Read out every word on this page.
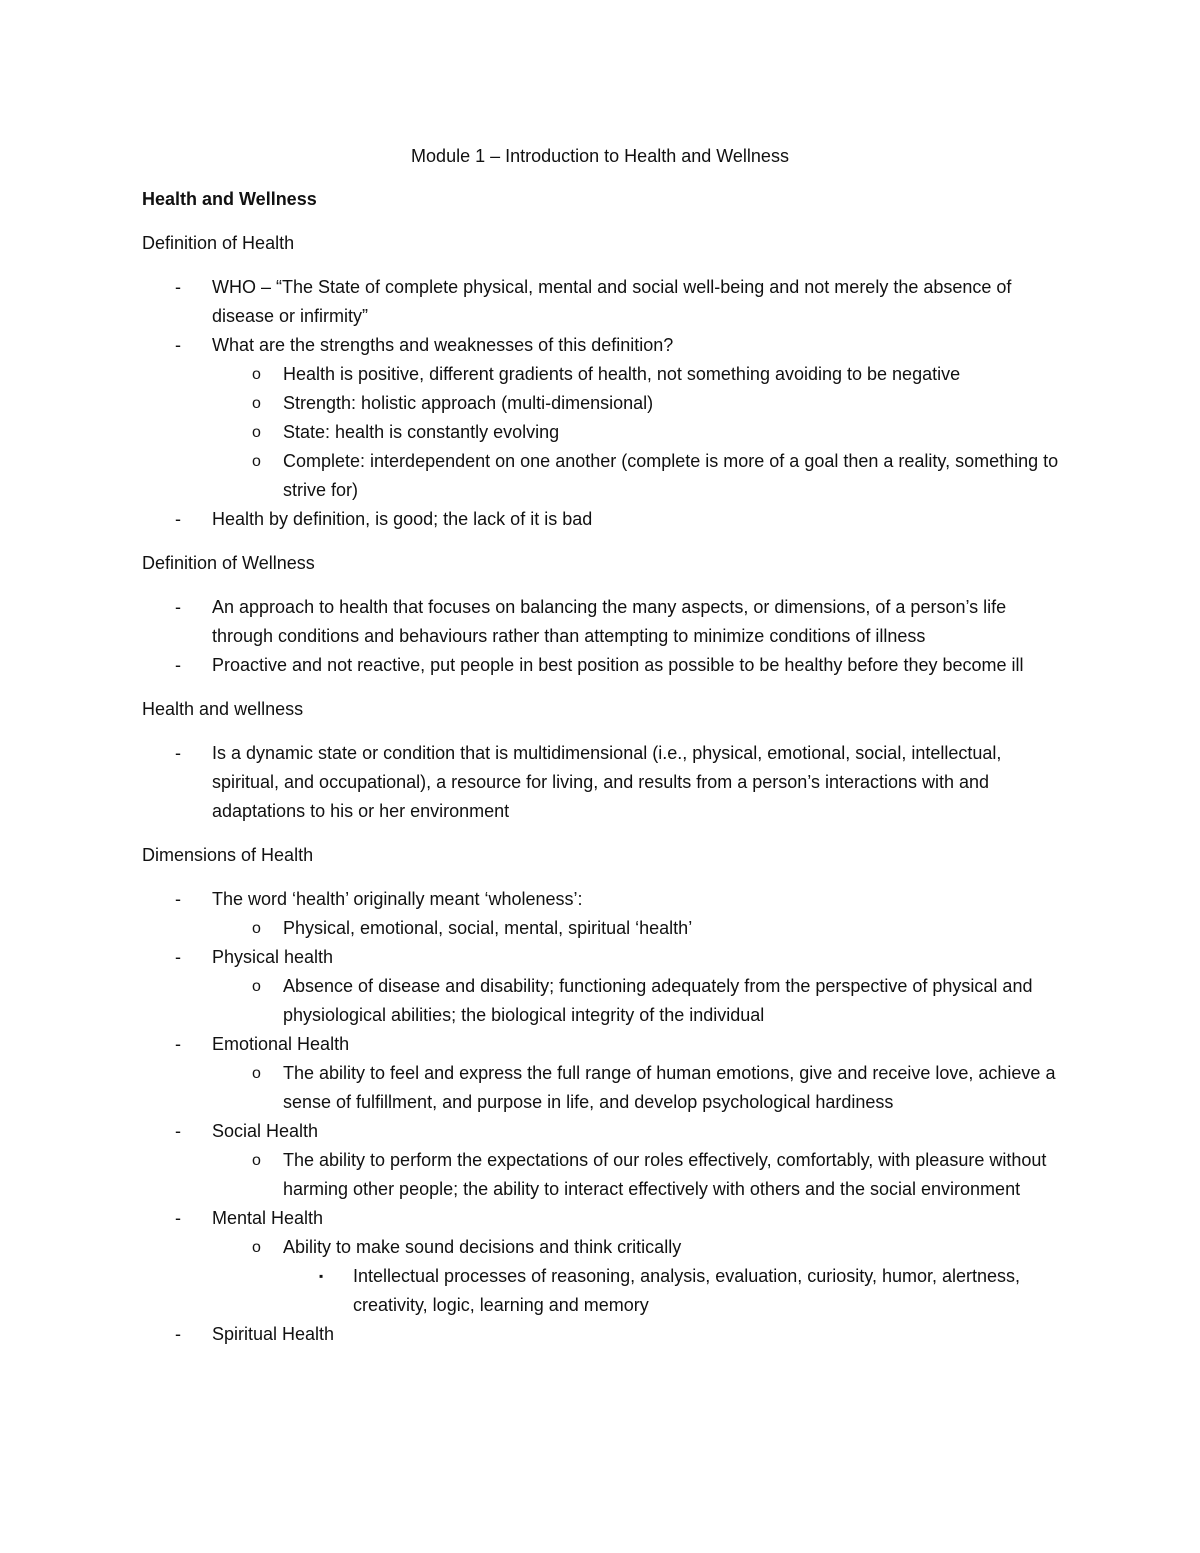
Module 1 – Introduction to Health and Wellness
Health and Wellness
Definition of Health
- WHO – “The State of complete physical, mental and social well-being and not merely the absence of disease or infirmity”
- What are the strengths and weaknesses of this definition?
o Health is positive, different gradients of health, not something avoiding to be negative
o Strength: holistic approach (multi-dimensional)
o State: health is constantly evolving
o Complete: interdependent on one another (complete is more of a goal then a reality, something to strive for)
- Health by definition, is good; the lack of it is bad
Definition of Wellness
- An approach to health that focuses on balancing the many aspects, or dimensions, of a person’s life through conditions and behaviours rather than attempting to minimize conditions of illness
- Proactive and not reactive, put people in best position as possible to be healthy before they become ill
Health and wellness
- Is a dynamic state or condition that is multidimensional (i.e., physical, emotional, social, intellectual, spiritual, and occupational), a resource for living, and results from a person’s interactions with and adaptations to his or her environment
Dimensions of Health
- The word ‘health’ originally meant ‘wholeness’:
o Physical, emotional, social, mental, spiritual ‘health’
- Physical health
o Absence of disease and disability; functioning adequately from the perspective of physical and physiological abilities; the biological integrity of the individual
- Emotional Health
o The ability to feel and express the full range of human emotions, give and receive love, achieve a sense of fulfillment, and purpose in life, and develop psychological hardiness
- Social Health
o The ability to perform the expectations of our roles effectively, comfortably, with pleasure without harming other people; the ability to interact effectively with others and the social environment
- Mental Health
o Ability to make sound decisions and think critically
▪ Intellectual processes of reasoning, analysis, evaluation, curiosity, humor, alertness, creativity, logic, learning and memory
- Spiritual Health
